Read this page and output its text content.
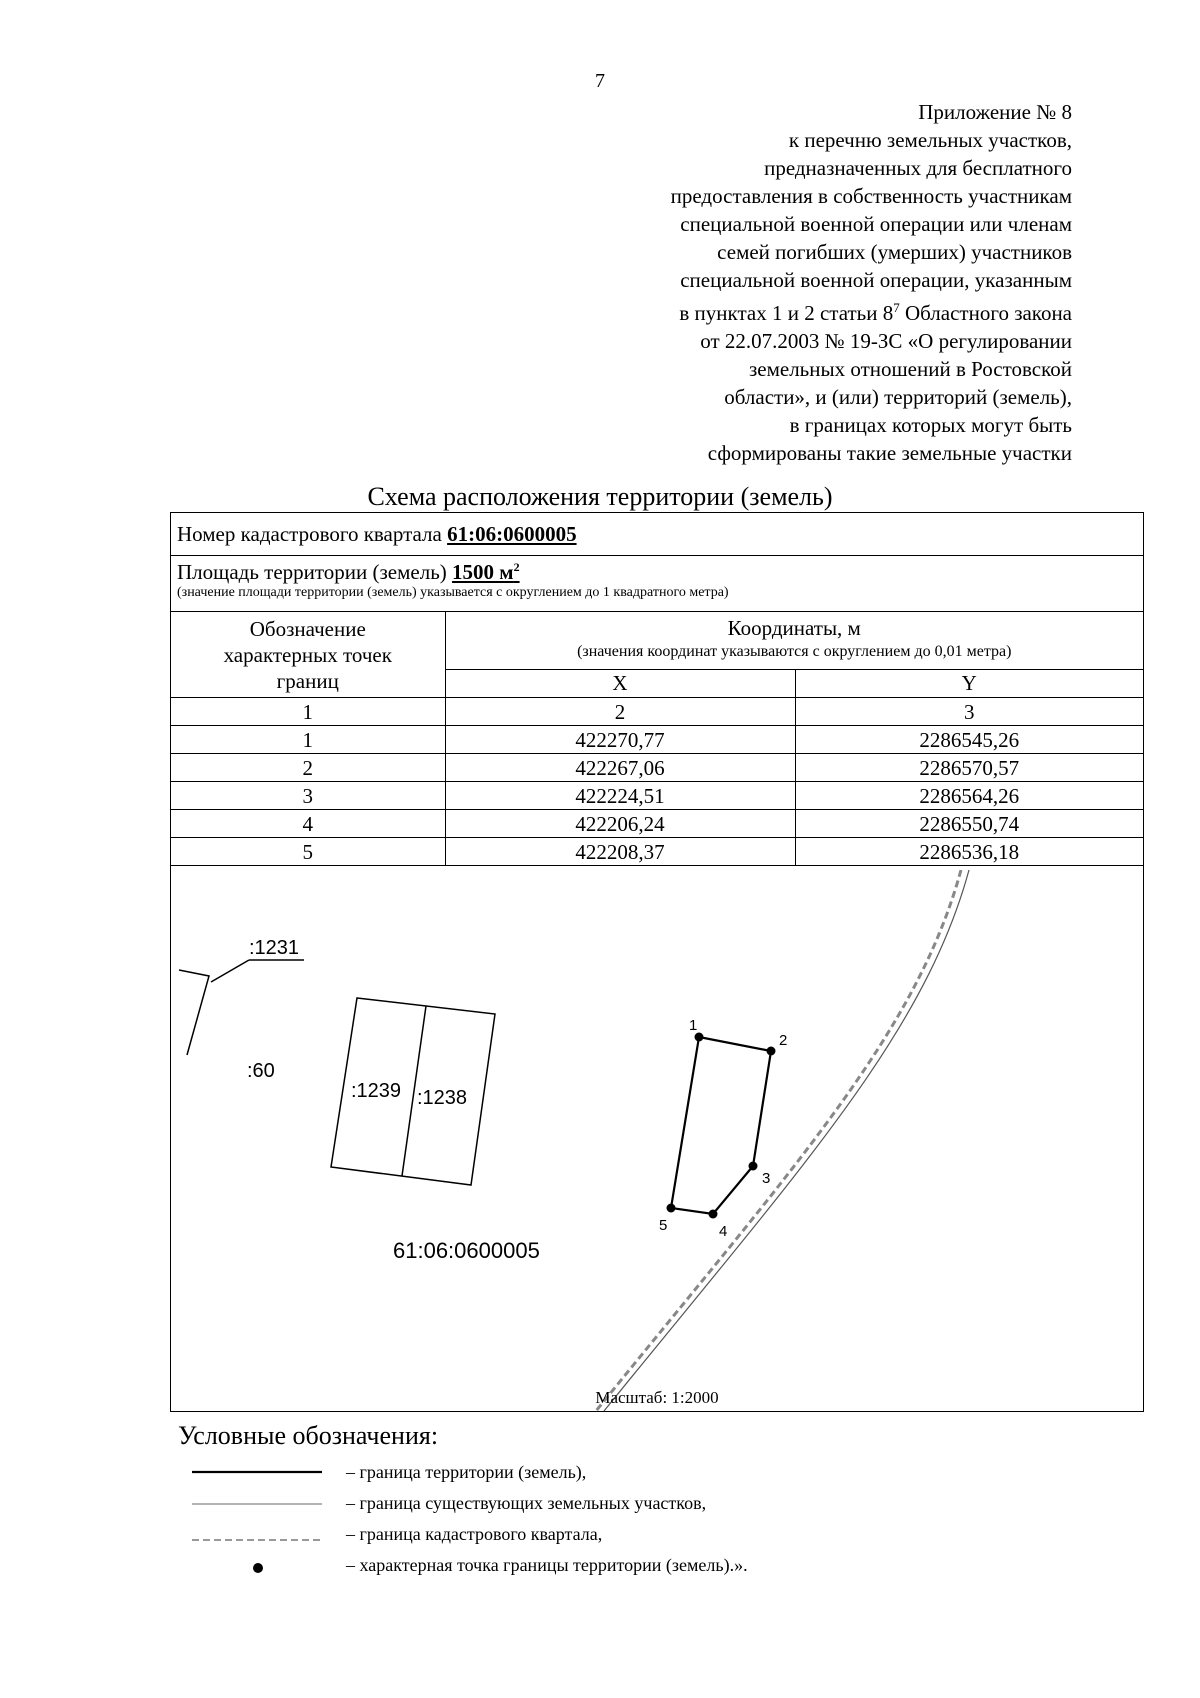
7
Приложение № 8
к перечню земельных участков,
предназначенных для бесплатного
предоставления в собственность участникам
специальной военной операции или членам
семей погибших (умерших) участников
специальной военной операции, указанным
в пунктах 1 и 2 статьи $8^7$ Областного закона
от 22.07.2003 № 19-ЗС «О регулировании
земельных отношений в Ростовской
области», и (или) территорий (земель),
в границах которых могут быть
сформированы такие земельные участки
Схема расположения территории (земель)
Номер кадастрового квартала 61:06:0600005
Площадь территории (земель) 1500 $м^2$
(значение площади территории (земель) указывается с округлением до 1 квадратного метра)
Обозначение характерных точек границ	Координаты, м
(значения координат указываются с округлением до 0,01 метра)	

	X	Y
1	2	3
1	422270,77	2286545,26
2	422267,06	2286570,57
3	422224,51	2286564,26
4	422206,24	2286550,74
5	422208,37	2286536,18
:1231
:60
:1239 :1238
61:06:0600005
1
2
3
4
5
Масштаб: 1:2000
Условные обозначения:
– граница территории (земель),
– граница существующих земельных участков,
– граница кадастрового квартала,
– характерная точка границы территории (земель).».
